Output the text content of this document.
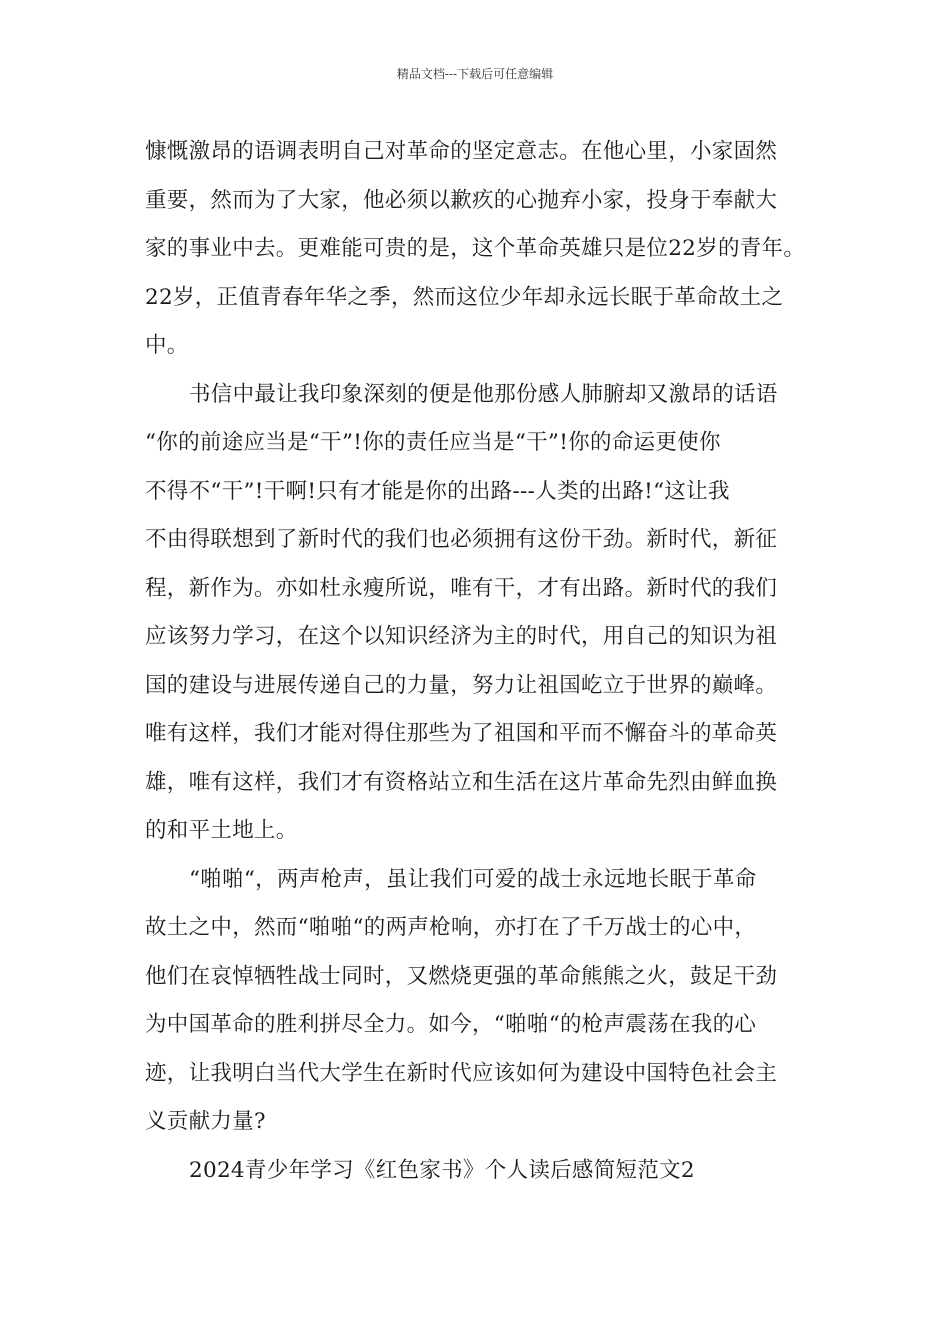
精品文档---下载后可任意编辑

慷慨激昂的语调表明自己对革命的坚定意志。在他心里，小家固然
重要，然而为了大家，他必须以歉疚的心抛弃小家，投身于奉献大
家的事业中去。更难能可贵的是，这个革命英雄只是位22岁的青年。
22岁，正值青春年华之季，然而这位少年却永远长眠于革命故土之
中。

书信中最让我印象深刻的便是他那份感人肺腑却又激昂的话语
“你的前途应当是“干”!你的责任应当是“干”!你的命运更使你
不得不“干”!干啊!只有才能是你的出路---人类的出路!“这让我
不由得联想到了新时代的我们也必须拥有这份干劲。新时代，新征
程，新作为。亦如杜永瘦所说，唯有干，才有出路。新时代的我们
应该努力学习，在这个以知识经济为主的时代，用自己的知识为祖
国的建设与进展传递自己的力量，努力让祖国屹立于世界的巅峰。
唯有这样，我们才能对得住那些为了祖国和平而不懈奋斗的革命英
雄，唯有这样，我们才有资格站立和生活在这片革命先烈由鲜血换
的和平土地上。

“啪啪“，两声枪声，虽让我们可爱的战士永远地长眠于革命
故土之中，然而“啪啪“的两声枪响，亦打在了千万战士的心中，
他们在哀悼牺牲战士同时，又燃烧更强的革命熊熊之火，鼓足干劲
为中国革命的胜利拼尽全力。如今，“啪啪“的枪声震荡在我的心
迹，让我明白当代大学生在新时代应该如何为建设中国特色社会主
义贡献力量?

2024青少年学习《红色家书》个人读后感简短范文2
